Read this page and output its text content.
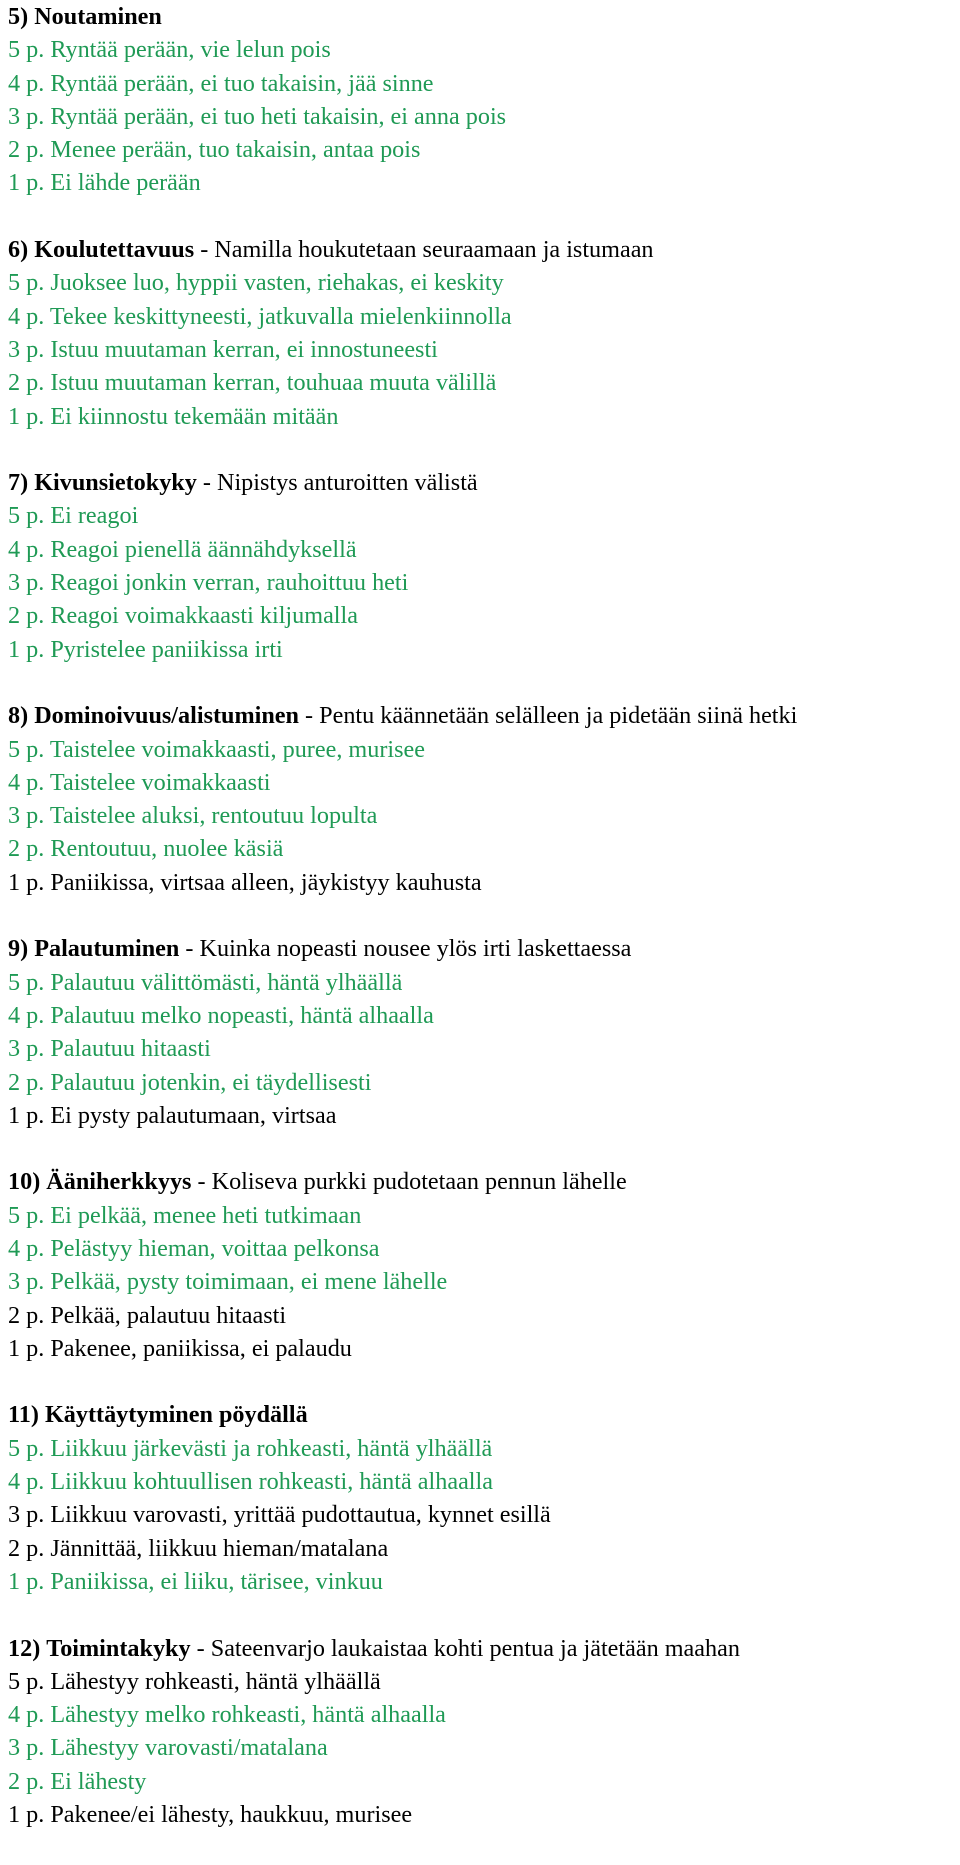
5) Noutaminen
5 p. Ryntää perään, vie lelun pois
4 p. Ryntää perään, ei tuo takaisin, jää sinne
3 p. Ryntää perään, ei tuo heti takaisin, ei anna pois
2 p. Menee perään, tuo takaisin, antaa pois
1 p. Ei lähde perään
6) Koulutettavuus - Namilla houkutetaan seuraamaan ja istumaan
5 p. Juoksee luo, hyppii vasten, riehakas, ei keskity
4 p. Tekee keskittyneesti, jatkuvalla mielenkiinnolla
3 p. Istuu muutaman kerran, ei innostuneesti
2 p. Istuu muutaman kerran, touhuaa muuta välillä
1 p. Ei kiinnostu tekemään mitään
7) Kivunsietokyky - Nipistys anturoitten välistä
5 p. Ei reagoi
4 p. Reagoi pienellä äännähdyksellä
3 p. Reagoi jonkin verran, rauhoittuu heti
2 p. Reagoi voimakkaasti kiljumalla
1 p. Pyristelee paniikissa irti
8) Dominoivuus/alistuminen - Pentu käännetään selälleen ja pidetään siinä hetki
5 p. Taistelee voimakkaasti, puree, murisee
4 p. Taistelee voimakkaasti
3 p. Taistelee aluksi, rentoutuu lopulta
2 p. Rentoutuu, nuolee käsiä
1 p. Paniikissa, virtsaa alleen, jäykistyy kauhusta
9) Palautuminen - Kuinka nopeasti nousee ylös irti laskettaessa
5 p. Palautuu välittömästi, häntä ylhäällä
4 p. Palautuu melko nopeasti, häntä alhaalla
3 p. Palautuu hitaasti
2 p. Palautuu jotenkin, ei täydellisesti
1 p. Ei pysty palautumaan, virtsaa
10) Ääniherkkyys - Koliseva purkki pudotetaan pennun lähelle
5 p. Ei pelkää, menee heti tutkimaan
4 p. Pelästyy hieman, voittaa pelkonsa
3 p. Pelkää, pysty toimimaan, ei mene lähelle
2 p. Pelkää, palautuu hitaasti
1 p. Pakenee, paniikissa, ei palaudu
11) Käyttäytyminen pöydällä
5 p. Liikkuu järkevästi ja rohkeasti, häntä ylhäällä
4 p. Liikkuu kohtuullisen rohkeasti, häntä alhaalla
3 p. Liikkuu varovasti, yrittää pudottautua, kynnet esillä
2 p. Jännittää, liikkuu hieman/matalana
1 p. Paniikissa, ei liiku, tärisee, vinkuu
12) Toimintakyky - Sateenvarjo laukaistaa kohti pentua ja jätetään maahan
5 p. Lähestyy rohkeasti, häntä ylhäällä
4 p. Lähestyy melko rohkeasti, häntä alhaalla
3 p. Lähestyy varovasti/matalana
2 p. Ei lähesty
1 p. Pakenee/ei lähesty, haukkuu, murisee
